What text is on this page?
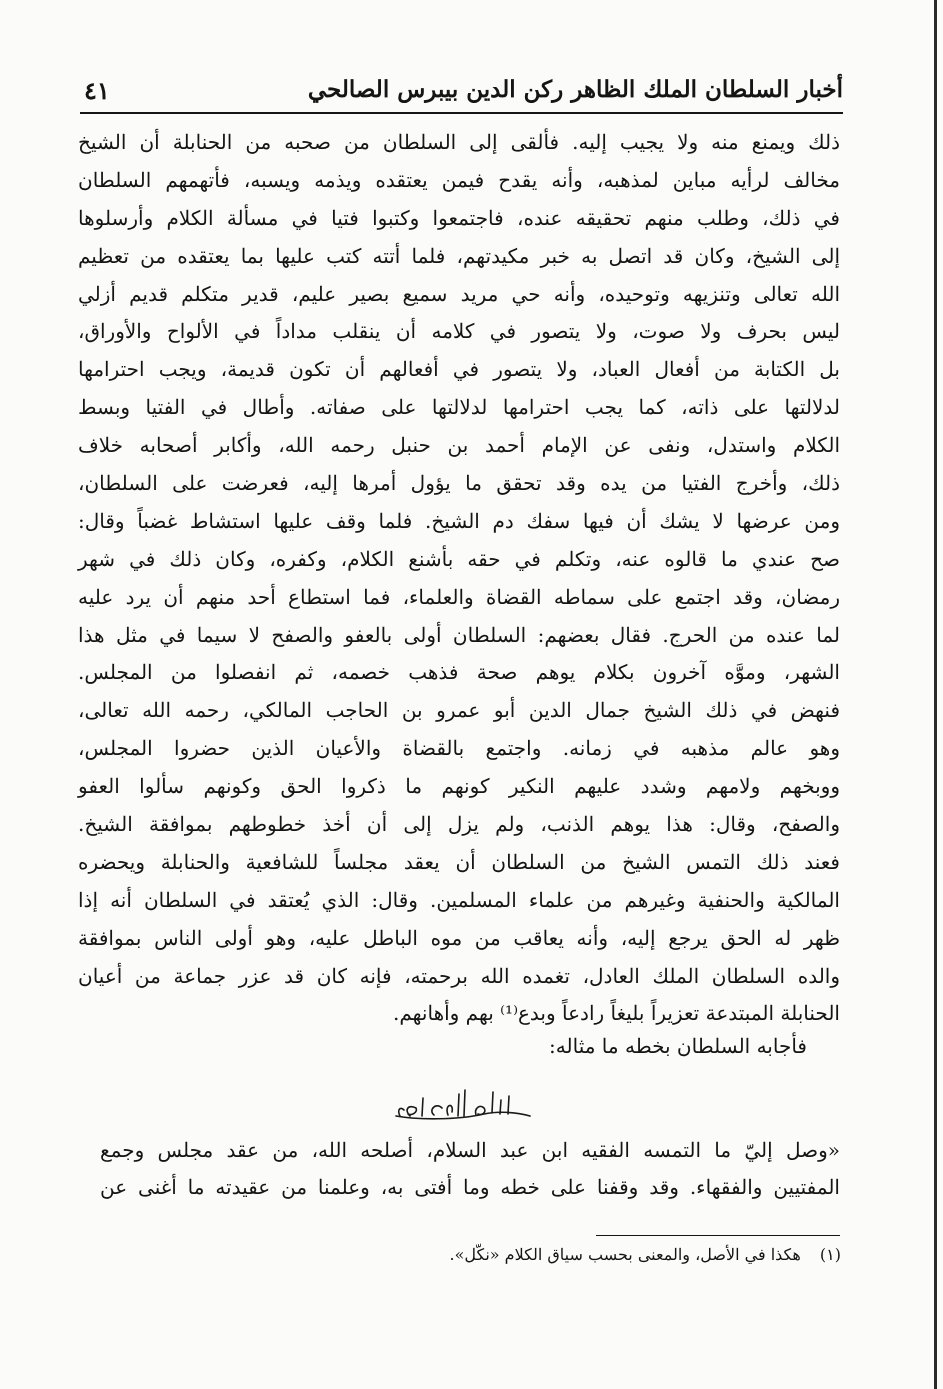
أخبار السلطان الملك الظاهر ركن الدين بيبرس الصالحي
٤١
ذلك ويمنع منه ولا يجيب إليه. فألقى إلى السلطان من صحبه من الحنابلة أن الشيخ
مخالف لرأيه مباين لمذهبه، وأنه يقدح فيمن يعتقده ويذمه ويسبه، فأتهمهم السلطان
في ذلك، وطلب منهم تحقيقه عنده، فاجتمعوا وكتبوا فتيا في مسألة الكلام وأرسلوها
إلى الشيخ، وكان قد اتصل به خبر مكيدتهم، فلما أتته كتب عليها بما يعتقده من تعظيم
الله تعالى وتنزيهه وتوحيده، وأنه حي مريد سميع بصير عليم، قدير متكلم قديم أزلي
ليس بحرف ولا صوت، ولا يتصور في كلامه أن ينقلب مداداً في الألواح والأوراق،
بل الكتابة من أفعال العباد، ولا يتصور في أفعالهم أن تكون قديمة، ويجب احترامها
لدلالتها على ذاته، كما يجب احترامها لدلالتها على صفاته. وأطال في الفتيا وبسط
الكلام واستدل، ونفى عن الإمام أحمد بن حنبل رحمه الله، وأكابر أصحابه خلاف
ذلك، وأخرج الفتيا من يده وقد تحقق ما يؤول أمرها إليه، فعرضت على السلطان،
ومن عرضها لا يشك أن فيها سفك دم الشيخ. فلما وقف عليها استشاط غضباً وقال:
صح عندي ما قالوه عنه، وتكلم في حقه بأشنع الكلام، وكفره، وكان ذلك في شهر
رمضان، وقد اجتمع على سماطه القضاة والعلماء، فما استطاع أحد منهم أن يرد عليه
لما عنده من الحرج. فقال بعضهم: السلطان أولى بالعفو والصفح لا سيما في مثل هذا
الشهر، وموَّه آخرون بكلام يوهم صحة فذهب خصمه، ثم انفصلوا من المجلس.
فنهض في ذلك الشيخ جمال الدين أبو عمرو بن الحاجب المالكي، رحمه الله تعالى،
وهو عالم مذهبه في زمانه. واجتمع بالقضاة والأعيان الذين حضروا المجلس،
ووبخهم ولامهم وشدد عليهم النكير كونهم ما ذكروا الحق وكونهم سألوا العفو
والصفح، وقال: هذا يوهم الذنب، ولم يزل إلى أن أخذ خطوطهم بموافقة الشيخ.
فعند ذلك التمس الشيخ من السلطان أن يعقد مجلساً للشافعية والحنابلة ويحضره
المالكية والحنفية وغيرهم من علماء المسلمين. وقال: الذي يُعتقد في السلطان أنه إذا
ظهر له الحق يرجع إليه، وأنه يعاقب من موه الباطل عليه، وهو أولى الناس بموافقة
والده السلطان الملك العادل، تغمده الله برحمته، فإنه كان قد عزر جماعة من أعيان
الحنابلة المبتدعة تعزيراً بليغاً رادعاً وبدع⁽¹⁾ بهم وأهانهم.
فأجابه السلطان بخطه ما مثاله:
«وصل إليّ ما التمسه الفقيه ابن عبد السلام، أصلحه الله، من عقد مجلس وجمع
المفتيين والفقهاء. وقد وقفنا على خطه وما أفتى به، وعلمنا من عقيدته ما أغنى عن
(١) هكذا في الأصل، والمعنى بحسب سياق الكلام «نكّل».
